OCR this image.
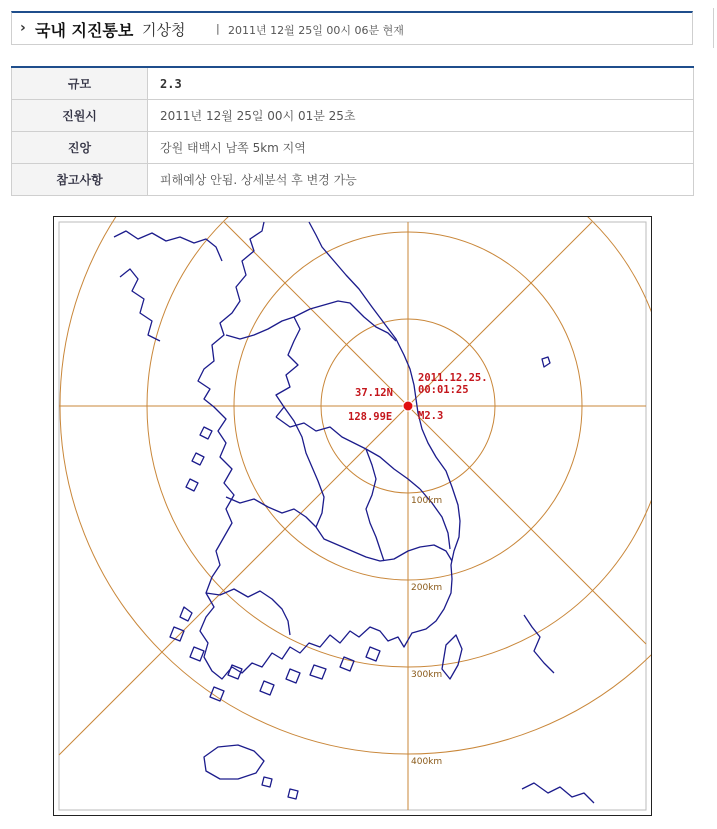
› 국내 지진통보 기상청	| 2011년 12월 25일 00시 06분 현재
규모	2.3
진원시	2011년 12월 25일 00시 01분 25초
진앙	강원 태백시 남쪽 5km 지역
참고사항	피해예상 안됨. 상세분석 후 변경 가능
37.12N
128.99E
2011.12.25.
00:01:25
M2.3
100km
200km
300km
400km
